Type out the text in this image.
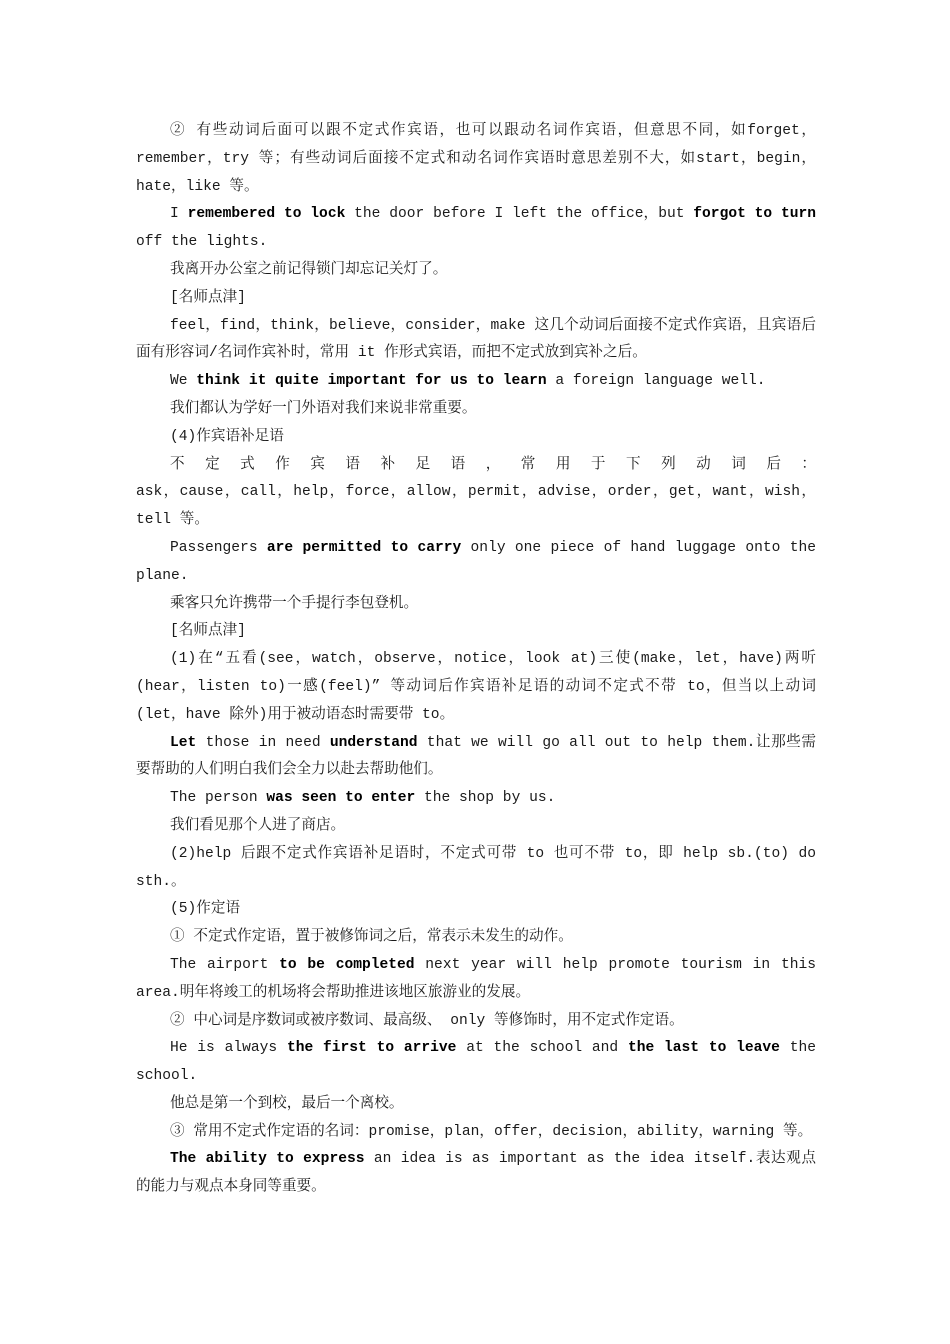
② 有些动词后面可以跟不定式作宾语，也可以跟动名词作宾语，但意思不同，如forget，remember，try 等；有些动词后面接不定式和动名词作宾语时意思差别不大，如start，begin，hate，like 等。

I remembered to lock the door before I left the office，but forgot to turn off the lights.

我离开办公室之前记得锁门却忘记关灯了。

[名师点津]

feel，find，think，believe，consider，make 这几个动词后面接不定式作宾语，且宾语后面有形容词/名词作宾补时，常用 it 作形式宾语，而把不定式放到宾补之后。

We think it quite important for us to learn a foreign language well.

我们都认为学好一门外语对我们来说非常重要。

(4)作宾语补足语

不 定 式 作 宾 语 补 足 语 ， 常 用 于 下 列 动 词 后 ：

ask，cause，call，help，force，allow，permit，advise，order，get，want，wish，tell 等。

Passengers are permitted to carry only one piece of hand luggage onto the plane.

乘客只允许携带一个手提行李包登机。

[名师点津]

(1)在“五看(see，watch，observe，notice，look at)三使(make，let，have)两听(hear，listen to)一感(feel)” 等动词后作宾语补足语的动词不定式不带 to，但当以上动词(let，have 除外)用于被动语态时需要带 to。

Let those in need understand that we will go all out to help them.让那些需要帮助的人们明白我们会全力以赴去帮助他们。

The person was seen to enter the shop by us.

我们看见那个人进了商店。

(2)help 后跟不定式作宾语补足语时，不定式可带 to 也可不带 to，即 help sb.(to) do sth.。

(5)作定语

① 不定式作定语，置于被修饰词之后，常表示未发生的动作。

The airport to be completed next year will help promote tourism in this area.明年将竣工的机场将会帮助推进该地区旅游业的发展。

② 中心词是序数词或被序数词、最高级、 only 等修饰时，用不定式作定语。

He is always the first to arrive at the school and the last to leave the school.

他总是第一个到校，最后一个离校。

③ 常用不定式作定语的名词：promise，plan，offer，decision，ability，warning 等。

The ability to express an idea is as important as the idea itself.表达观点的能力与观点本身同等重要。
